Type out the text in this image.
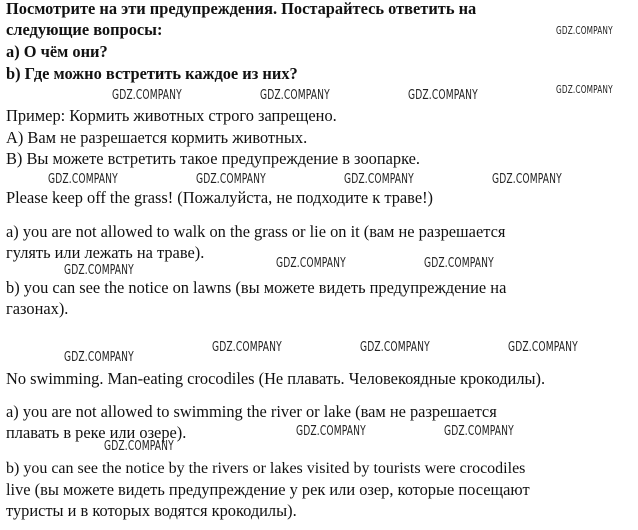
Посмотрите на эти предупреждения. Постарайтесь ответить на
следующие вопросы:
a) О чём они?
b) Где можно встретить каждое из них?
Пример: Кормить животных строго запрещено.
А) Вам не разрешается кормить животных.
В) Вы можете встретить такое предупреждение в зоопарке.
Please keep off the grass! (Пожалуйста, не подходите к траве!)
a) you are not allowed to walk on the grass or lie on it (вам не разрешается
гулять или лежать на траве).
b) you can see the notice on lawns (вы можете видеть предупреждение на
газонах).
No swimming. Man-eating crocodiles (Не плавать. Человекоядные крокодилы).
a) you are not allowed to swimming the river or lake (вам не разрешается
плавать в реке или озере).
b) you can see the notice by the rivers or lakes visited by tourists were crocodiles
live (вы можете видеть предупреждение у рек или озер, которые посещают
туристы и в которых водятся крокодилы).
GDZ.COMPANY
GDZ.COMPANY
GDZ.COMPANY	GDZ.COMPANY	GDZ.COMPANY
GDZ.COMPANY	GDZ.COMPANY	GDZ.COMPANY	GDZ.COMPANY
GDZ.COMPANY	GDZ.COMPANY
GDZ.COMPANY
GDZ.COMPANY	GDZ.COMPANY	GDZ.COMPANY
GDZ.COMPANY
GDZ.COMPANY	GDZ.COMPANY
GDZ.COMPANY
